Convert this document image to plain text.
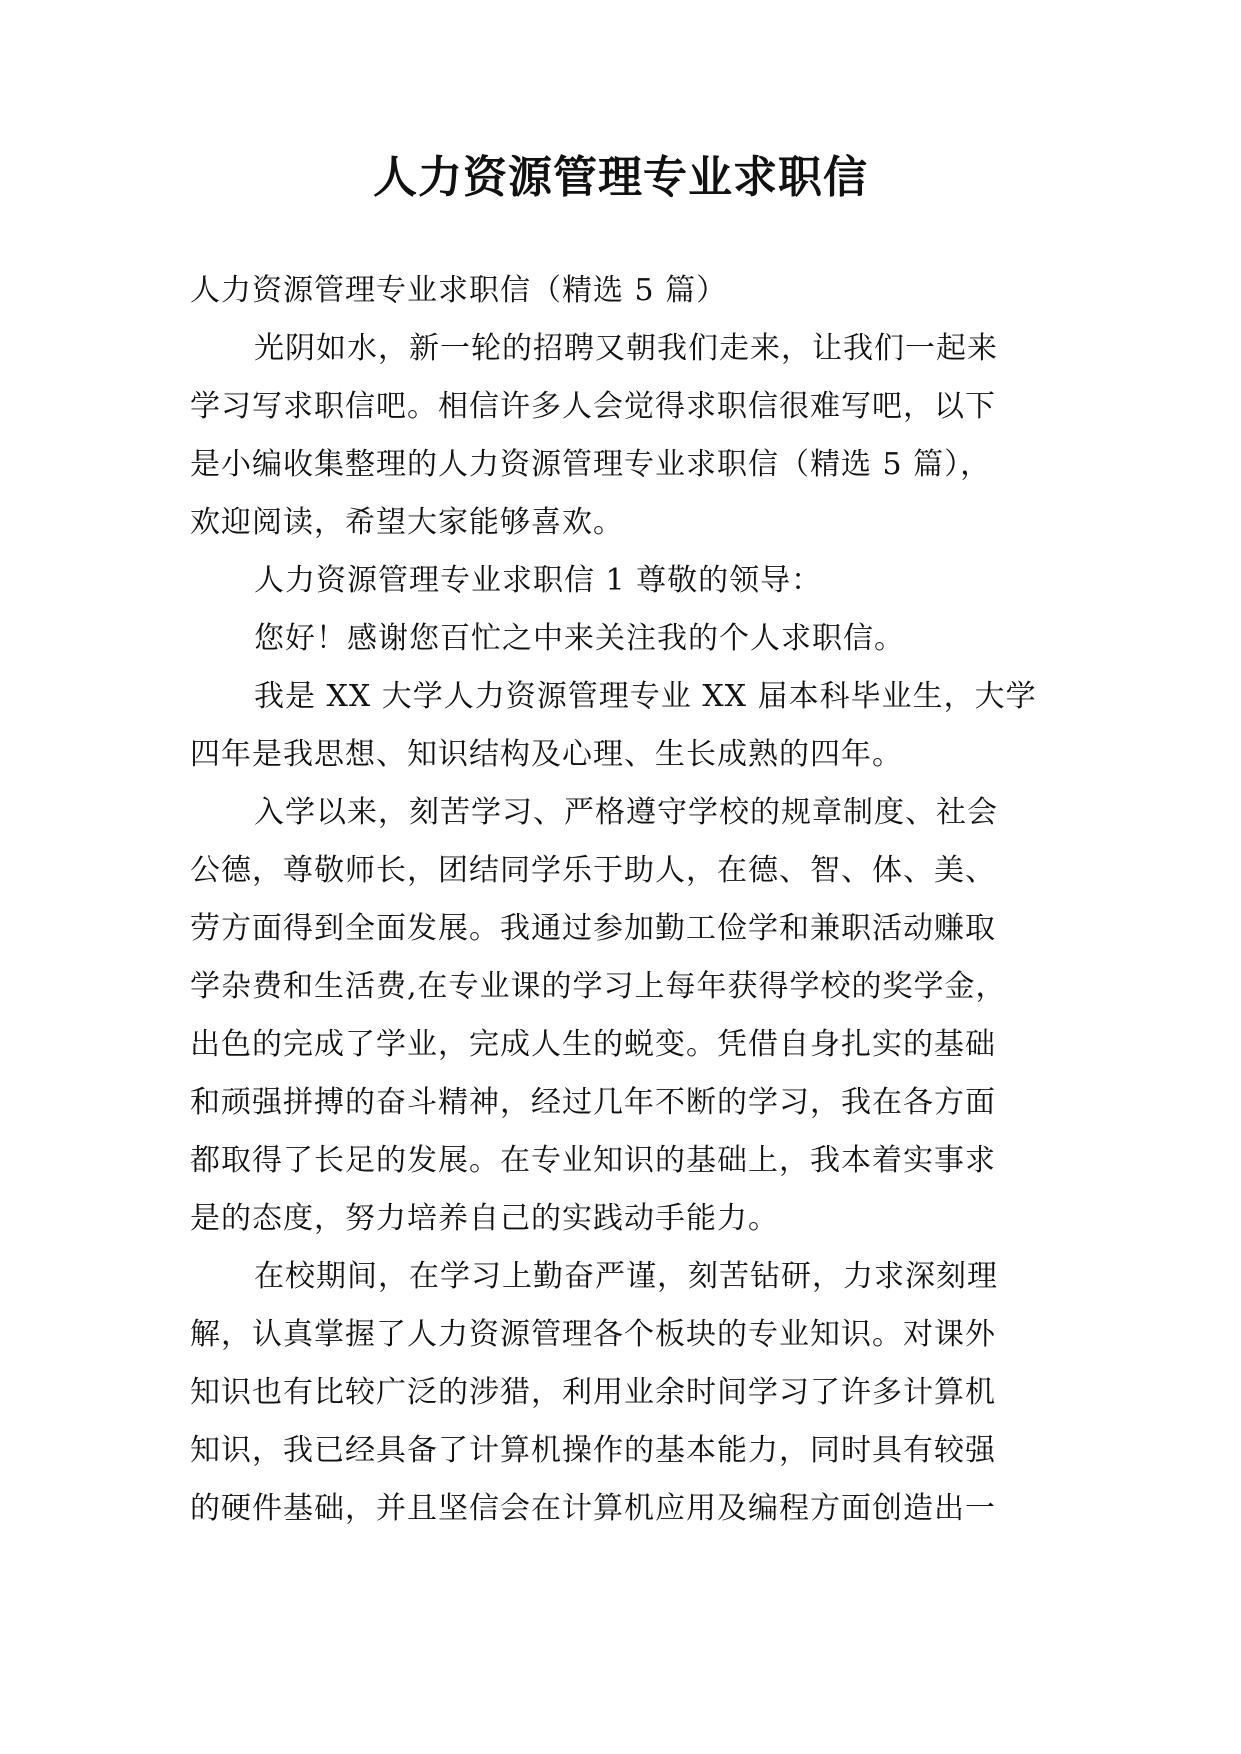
人力资源管理专业求职信
人力资源管理专业求职信（精选 5 篇）
光阴如水，新一轮的招聘又朝我们走来，让我们一起来
学习写求职信吧。相信许多人会觉得求职信很难写吧，以下
是小编收集整理的人力资源管理专业求职信（精选 5 篇），
欢迎阅读，希望大家能够喜欢。
人力资源管理专业求职信 1 尊敬的领导：
您好！感谢您百忙之中来关注我的个人求职信。
我是 XX 大学人力资源管理专业 XX 届本科毕业生，大学
四年是我思想、知识结构及心理、生长成熟的四年。
入学以来，刻苦学习、严格遵守学校的规章制度、社会
公德，尊敬师长，团结同学乐于助人，在德、智、体、美、
劳方面得到全面发展。我通过参加勤工俭学和兼职活动赚取
学杂费和生活费,在专业课的学习上每年获得学校的奖学金，
出色的完成了学业，完成人生的蜕变。凭借自身扎实的基础
和顽强拼搏的奋斗精神，经过几年不断的学习，我在各方面
都取得了长足的发展。在专业知识的基础上，我本着实事求
是的态度，努力培养自己的实践动手能力。
在校期间，在学习上勤奋严谨，刻苦钻研，力求深刻理
解，认真掌握了人力资源管理各个板块的专业知识。对课外
知识也有比较广泛的涉猎，利用业余时间学习了许多计算机
知识，我已经具备了计算机操作的基本能力，同时具有较强
的硬件基础，并且坚信会在计算机应用及编程方面创造出一
